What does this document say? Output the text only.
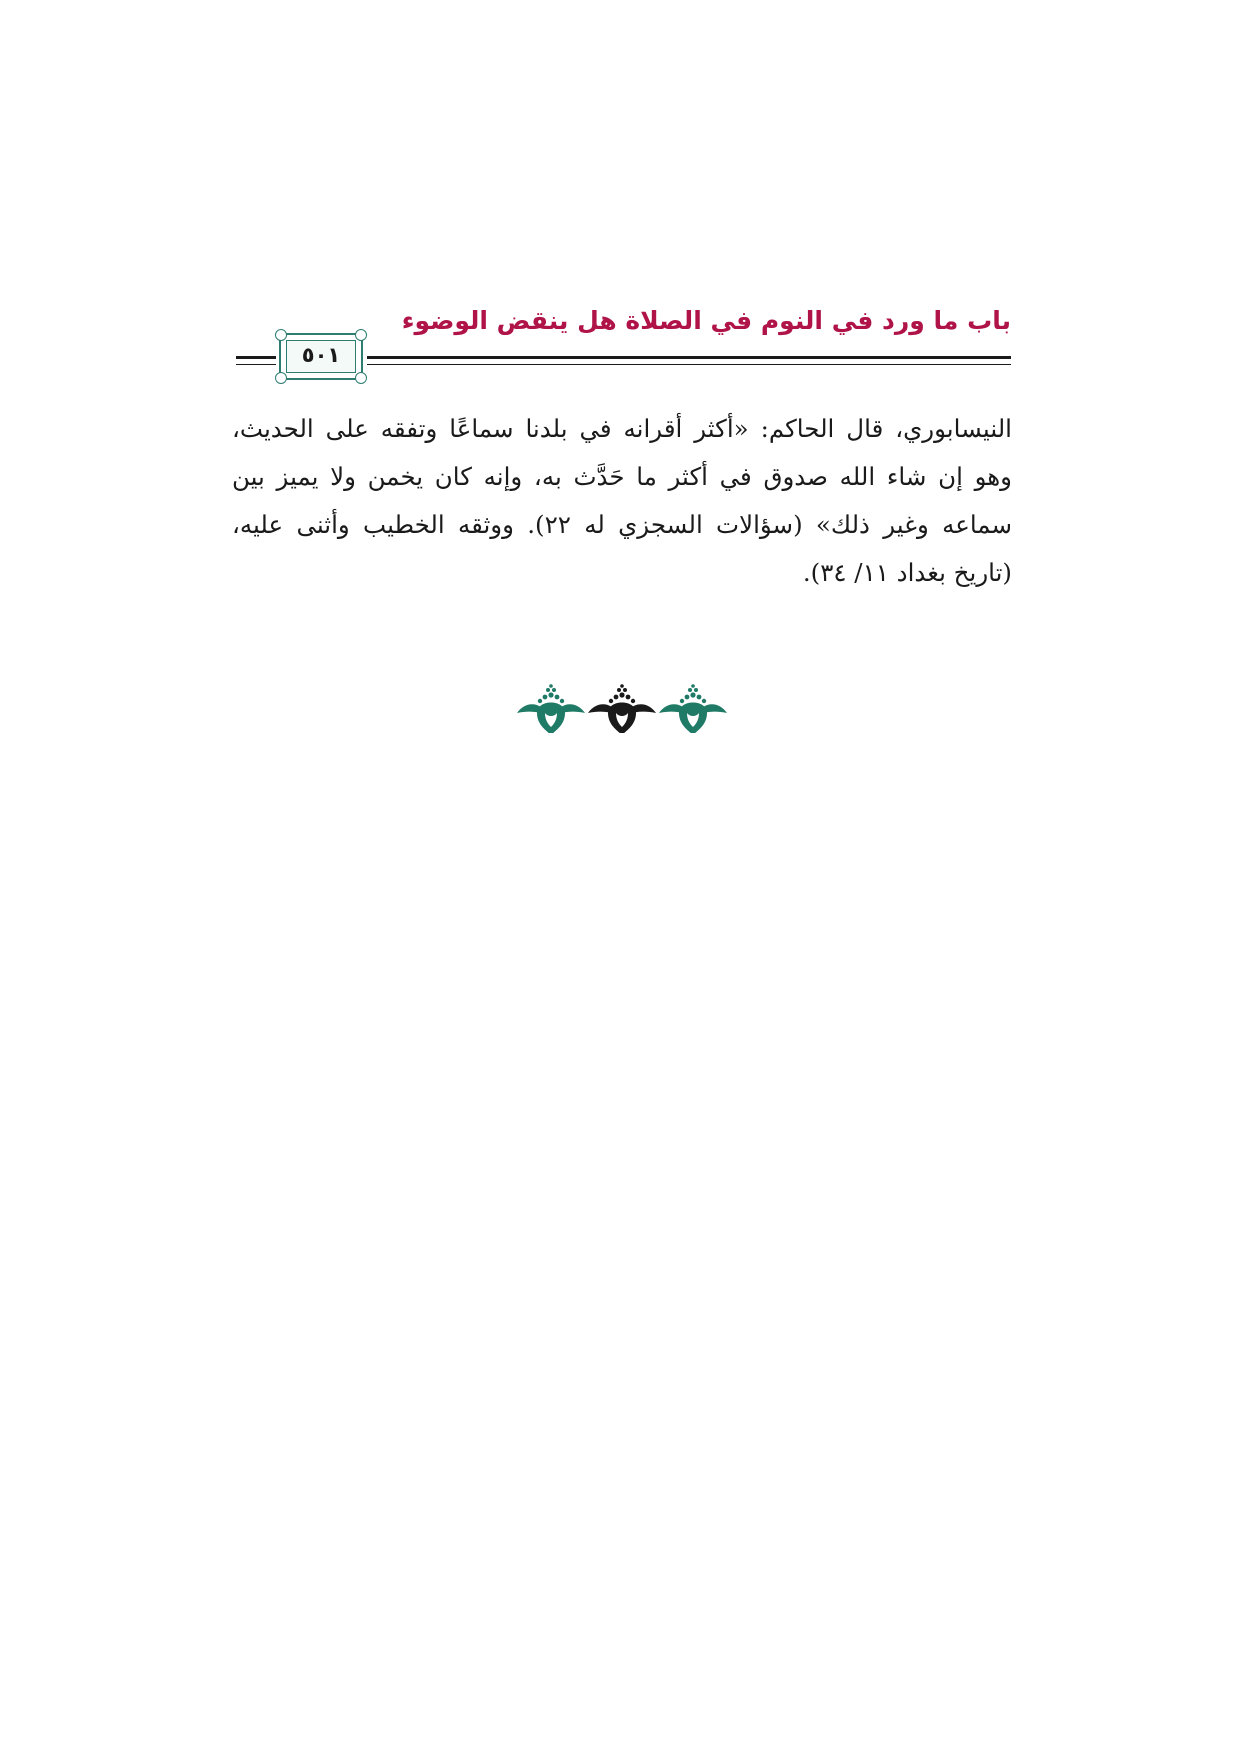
٥٠١
باب ما ورد في النوم في الصلاة هل ينقض الوضوء
النيسابوري، قال الحاكم: «أكثر أقرانه في بلدنا سماعًا وتفقه على الحديث،
وهو إن شاء الله صدوق في أكثر ما حَدَّث به، وإنه كان يخمن ولا يميز بين
سماعه وغير ذلك» (سؤالات السجزي له ٢٢). ووثقه الخطيب وأثنى عليه،
(تاريخ بغداد ١١/ ٣٤).
